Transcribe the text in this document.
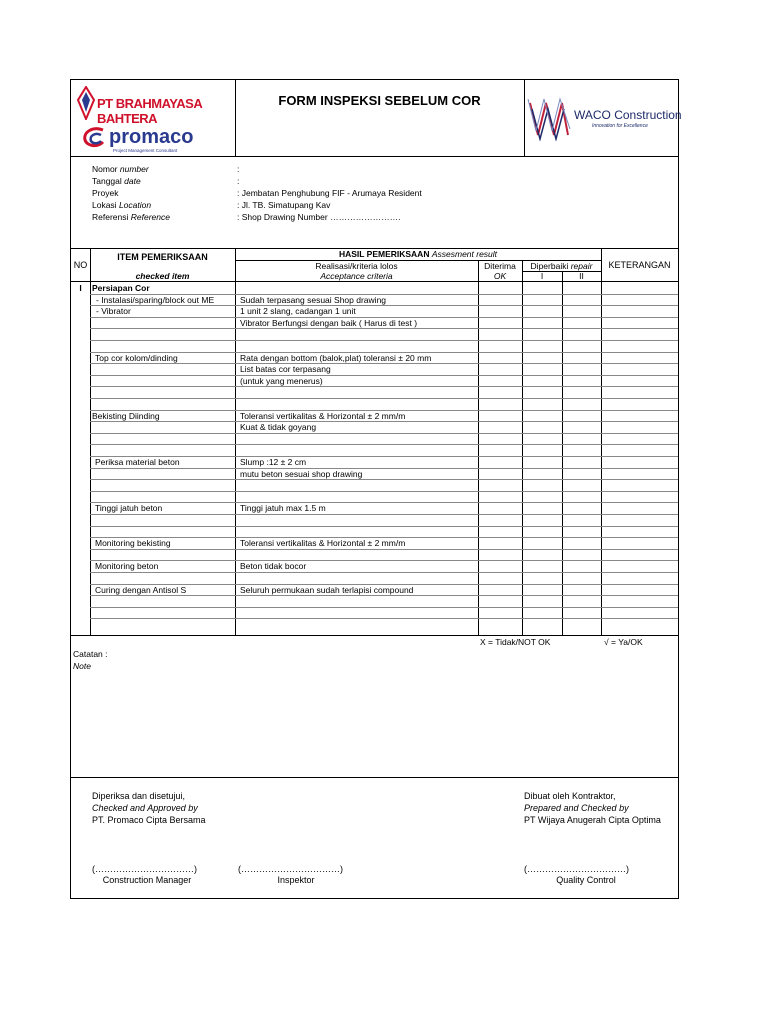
PT BRAHMAYASA BAHTERA
promaco
Project Management Consultant
FORM INSPEKSI SEBELUM COR
WACO Construction
Innovation for Excellence
Nomor number	:
Tanggal date	:
Proyek	: Jembatan Penghubung FIF - Arumaya Resident
Lokasi Location	: Jl. TB. Simatupang Kav
Referensi Reference	: Shop Drawing Number …………………….
NO
ITEM PEMERIKSAAN
checked item
HASIL PEMERIKSAAN Assesment result
Realisasi/kriteria lolos
Acceptance criteria
Diterima
OK
Diperbaiki repair
I	II
KETERANGAN
I	Persiapan Cor
- Instalasi/sparing/block out ME	Sudah terpasang sesuai Shop drawing
- Vibrator	1 unit 2 slang, cadangan 1 unit
Vibrator Berfungsi dengan baik ( Harus di test )
Top cor kolom/dinding	Rata dengan bottom (balok,plat) toleransi ± 20 mm
List batas cor terpasang
(untuk yang menerus)
Bekisting Diinding	Toleransi vertikalitas & Horizontal ± 2 mm/m
Kuat & tidak goyang
Periksa material beton	Slump :12 ± 2 cm
mutu beton sesuai shop drawing
Tinggi jatuh beton	Tinggi jatuh max 1.5 m
Monitoring bekisting	Toleransi vertikalitas & Horizontal ± 2 mm/m
Monitoring beton	Beton tidak bocor
Curing dengan Antisol S	Seluruh permukaan sudah terlapisi compound
X = Tidak/NOT OK	√ = Ya/OK
Catatan :
Note
Diperiksa dan disetujui,
Checked and Approved by
PT. Promaco Cipta Bersama
Dibuat oleh Kontraktor,
Prepared and Checked by
PT Wijaya Anugerah Cipta Optima
(……………………………)	(……………………………)	(……………………………)
Construction Manager	Inspektor	Quality Control
